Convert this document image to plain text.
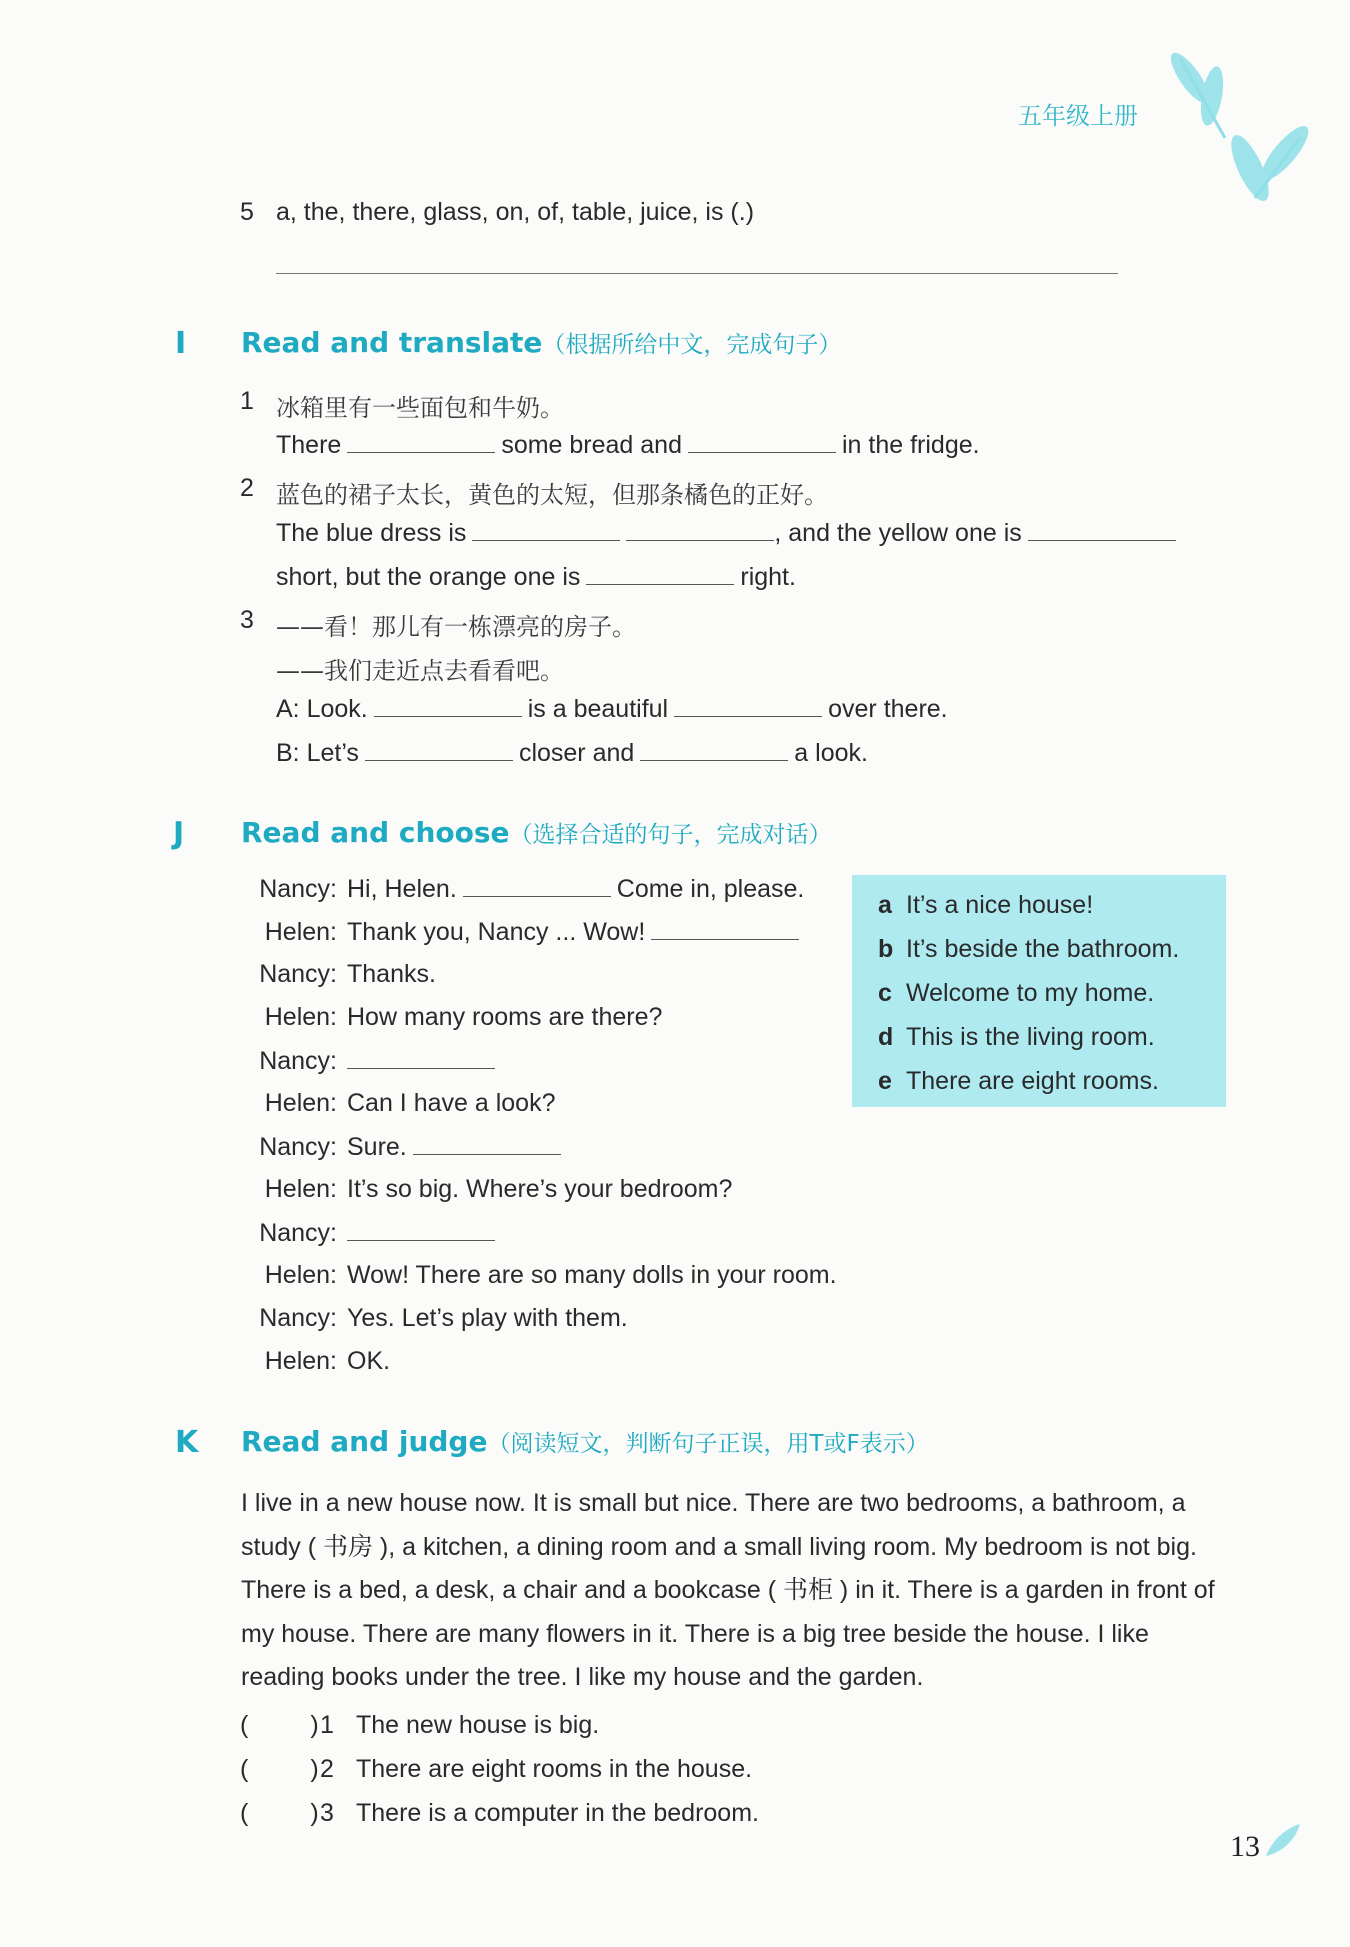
五年级上册
5 a, the, there, glass, on, of, table, juice, is (.)
I Read and translate（根据所给中文，完成句子）
1 冰箱里有一些面包和牛奶。
There	some bread and	in the fridge.
2 蓝色的裙子太长，黄色的太短，但那条橘色的正好。
The blue dress is	, and the yellow one is
short, but the orange one is	right.
3 ——看！那儿有一栋漂亮的房子。
——我们走近点去看看吧。
A: Look.	is a beautiful	over there.
B: Let’s	closer and	a look.
J Read and choose（选择合适的句子，完成对话）
Nancy: Hi, Helen.	Come in, please.
Helen: Thank you, Nancy ... Wow!
Nancy: Thanks.
Helen: How many rooms are there?
Nancy:
Helen: Can I have a look?
Nancy: Sure.
Helen: It’s so big. Where’s your bedroom?
Nancy:
Helen: Wow! There are so many dolls in your room.
Nancy: Yes. Let’s play with them.
Helen: OK.
a It’s a nice house!
b It’s beside the bathroom.
c Welcome to my home.
d This is the living room.
e There are eight rooms.
K Read and judge（阅读短文，判断句子正误，用T或F表示）
I live in a new house now. It is small but nice. There are two bedrooms, a bathroom, a study ( 书房 ), a kitchen, a dining room and a small living room. My bedroom is not big. There is a bed, a desk, a chair and a bookcase ( 书柜 ) in it. There is a garden in front of my house. There are many flowers in it. There is a big tree beside the house. I like reading books under the tree. I like my house and the garden.
( )1 The new house is big.
( )2 There are eight rooms in the house.
( )3 There is a computer in the bedroom.
13
